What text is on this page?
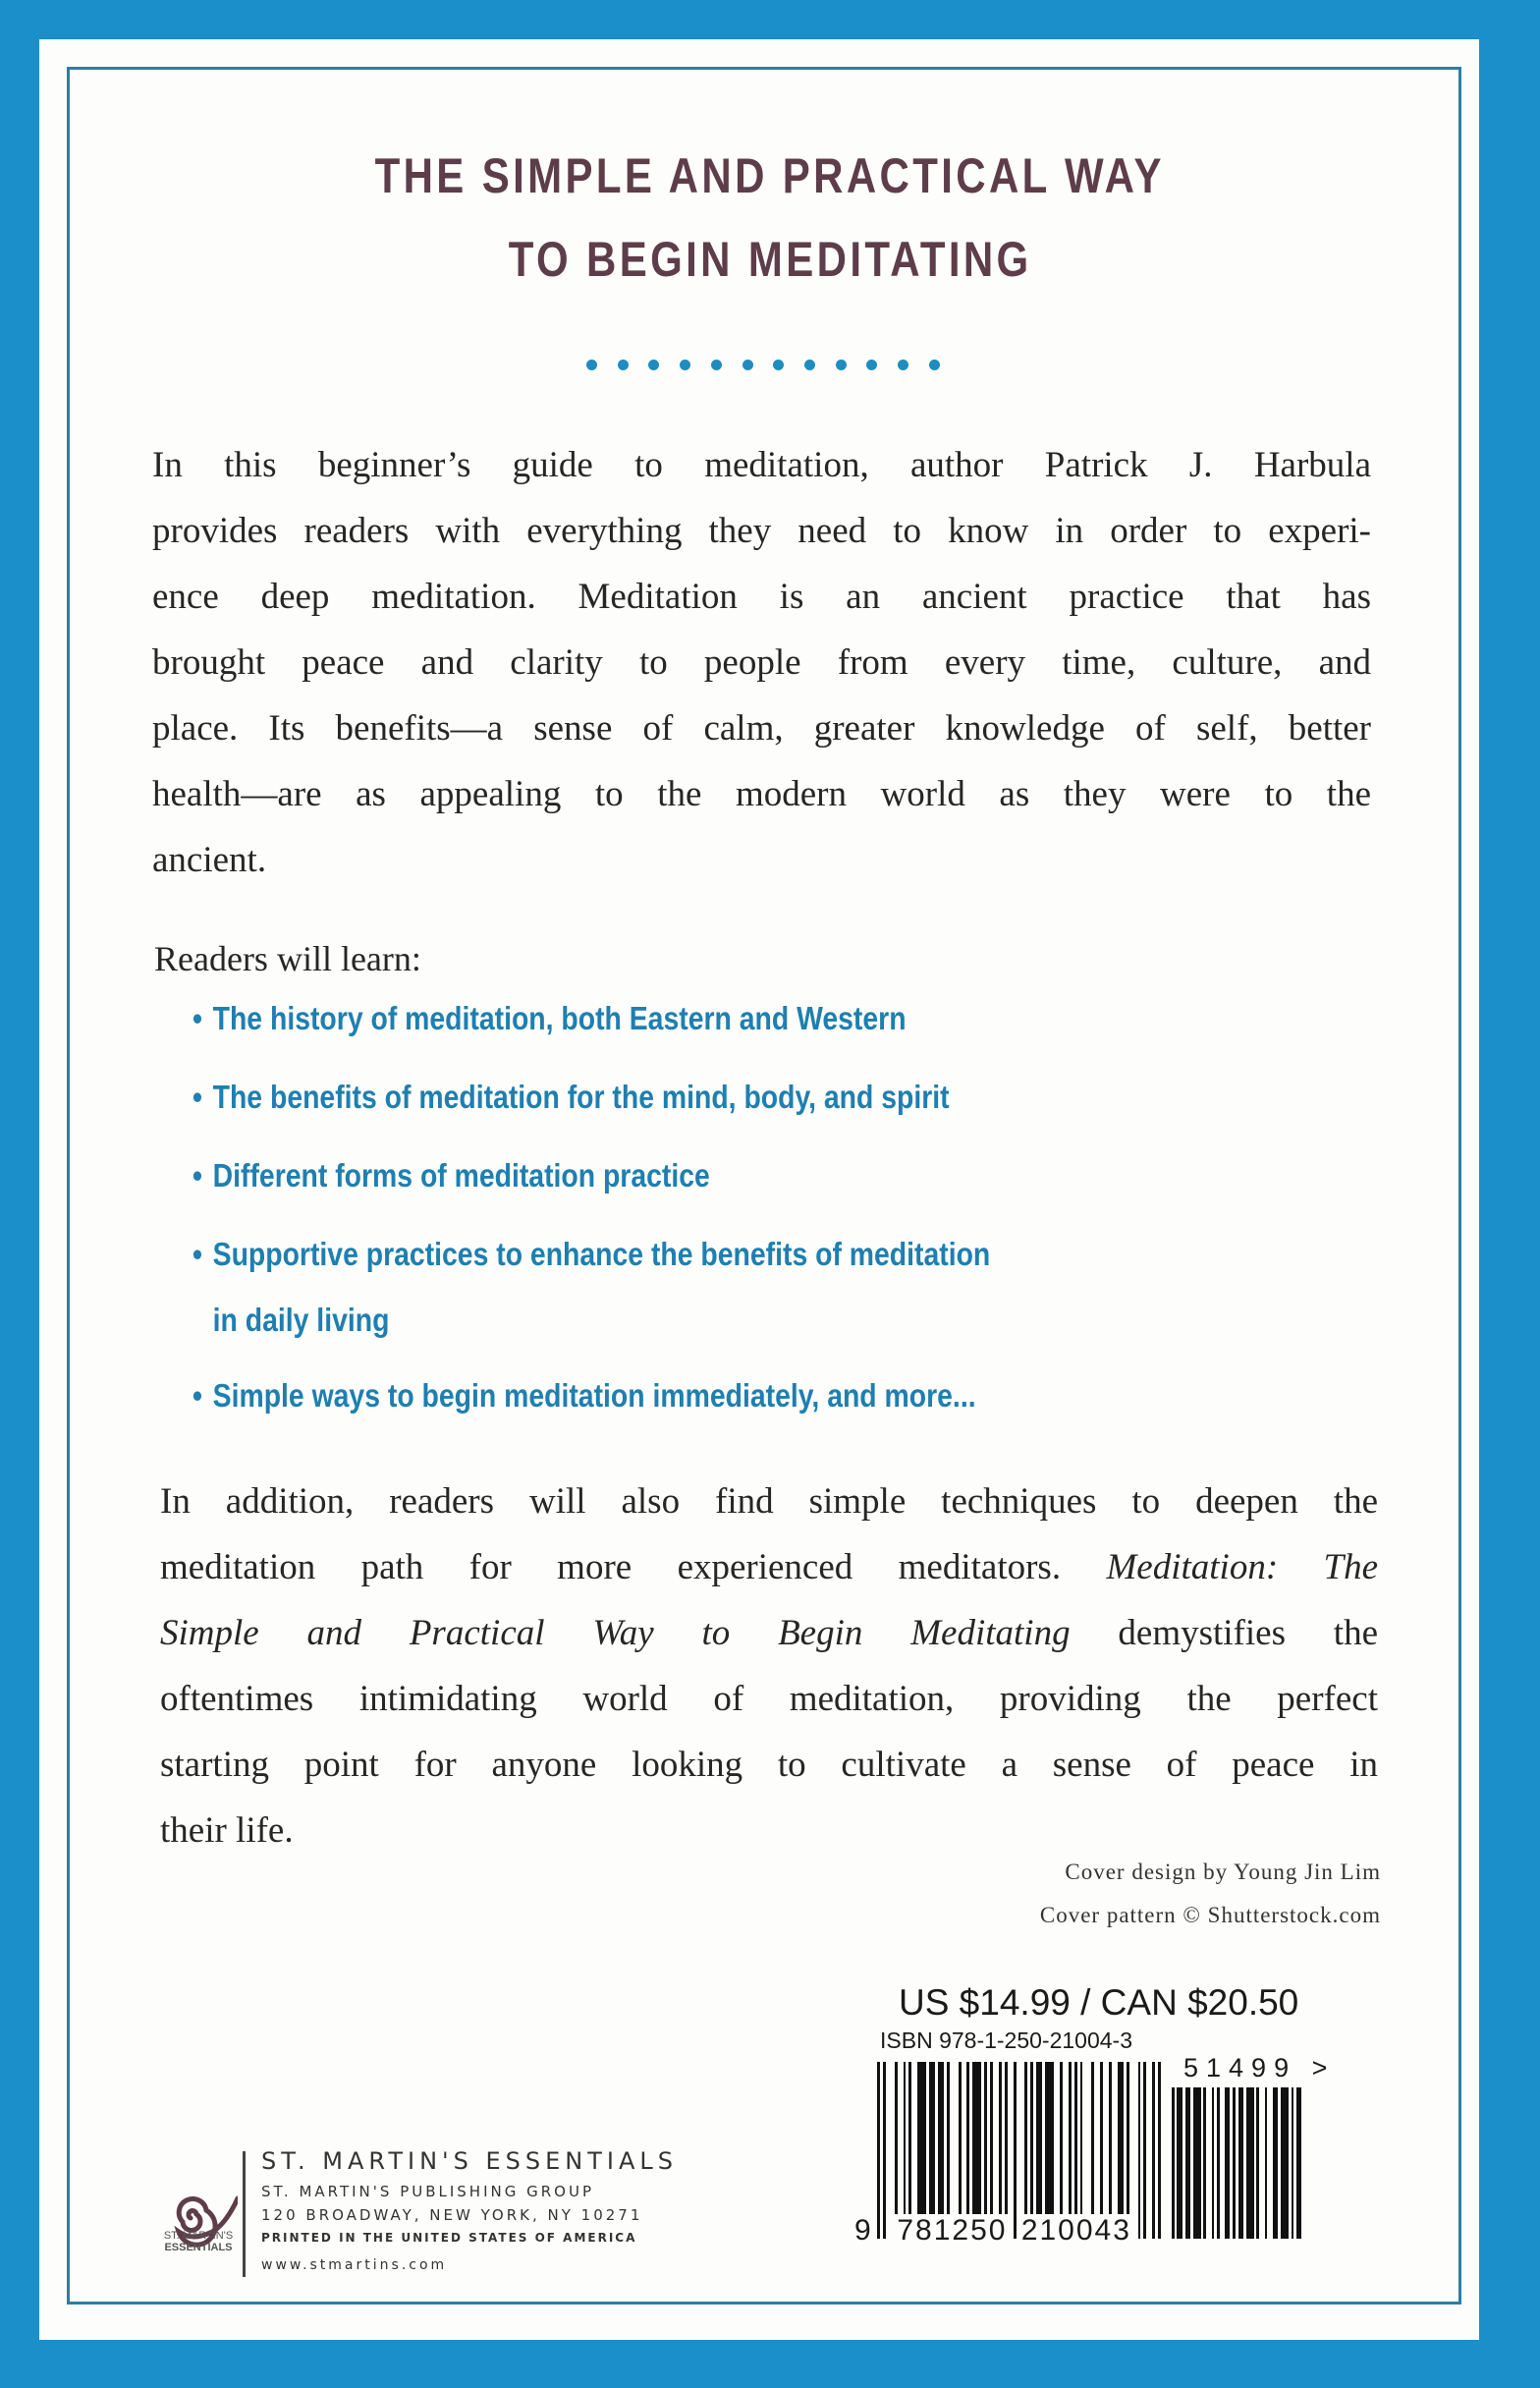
THE SIMPLE AND PRACTICAL WAY
TO BEGIN MEDITATING
In this beginner’s guide to meditation, author Patrick J. Harbula
provides readers with everything they need to know in order to experi-
ence deep meditation. Meditation is an ancient practice that has
brought peace and clarity to people from every time, culture, and
place. Its benefits—a sense of calm, greater knowledge of self, better
health—are as appealing to the modern world as they were to the
ancient.
Readers will learn:
• The history of meditation, both Eastern and Western
• The benefits of meditation for the mind, body, and spirit
• Different forms of meditation practice
• Supportive practices to enhance the benefits of meditation
in daily living
• Simple ways to begin meditation immediately, and more...
In addition, readers will also find simple techniques to deepen the
meditation path for more experienced meditators. Meditation: The
Simple and Practical Way to Begin Meditating demystifies the
oftentimes intimidating world of meditation, providing the perfect
starting point for anyone looking to cultivate a sense of peace in
their life.
Cover design by Young Jin Lim
Cover pattern © Shutterstock.com
US $14.99 / CAN $20.50
ISBN 978-1-250-21004-3
9 781250 210043
51499 >
ST. MARTIN'S
ESSENTIALS
ST. MARTIN'S ESSENTIALS
ST. MARTIN'S PUBLISHING GROUP
120 BROADWAY, NEW YORK, NY 10271
PRINTED IN THE UNITED STATES OF AMERICA
www.stmartins.com
